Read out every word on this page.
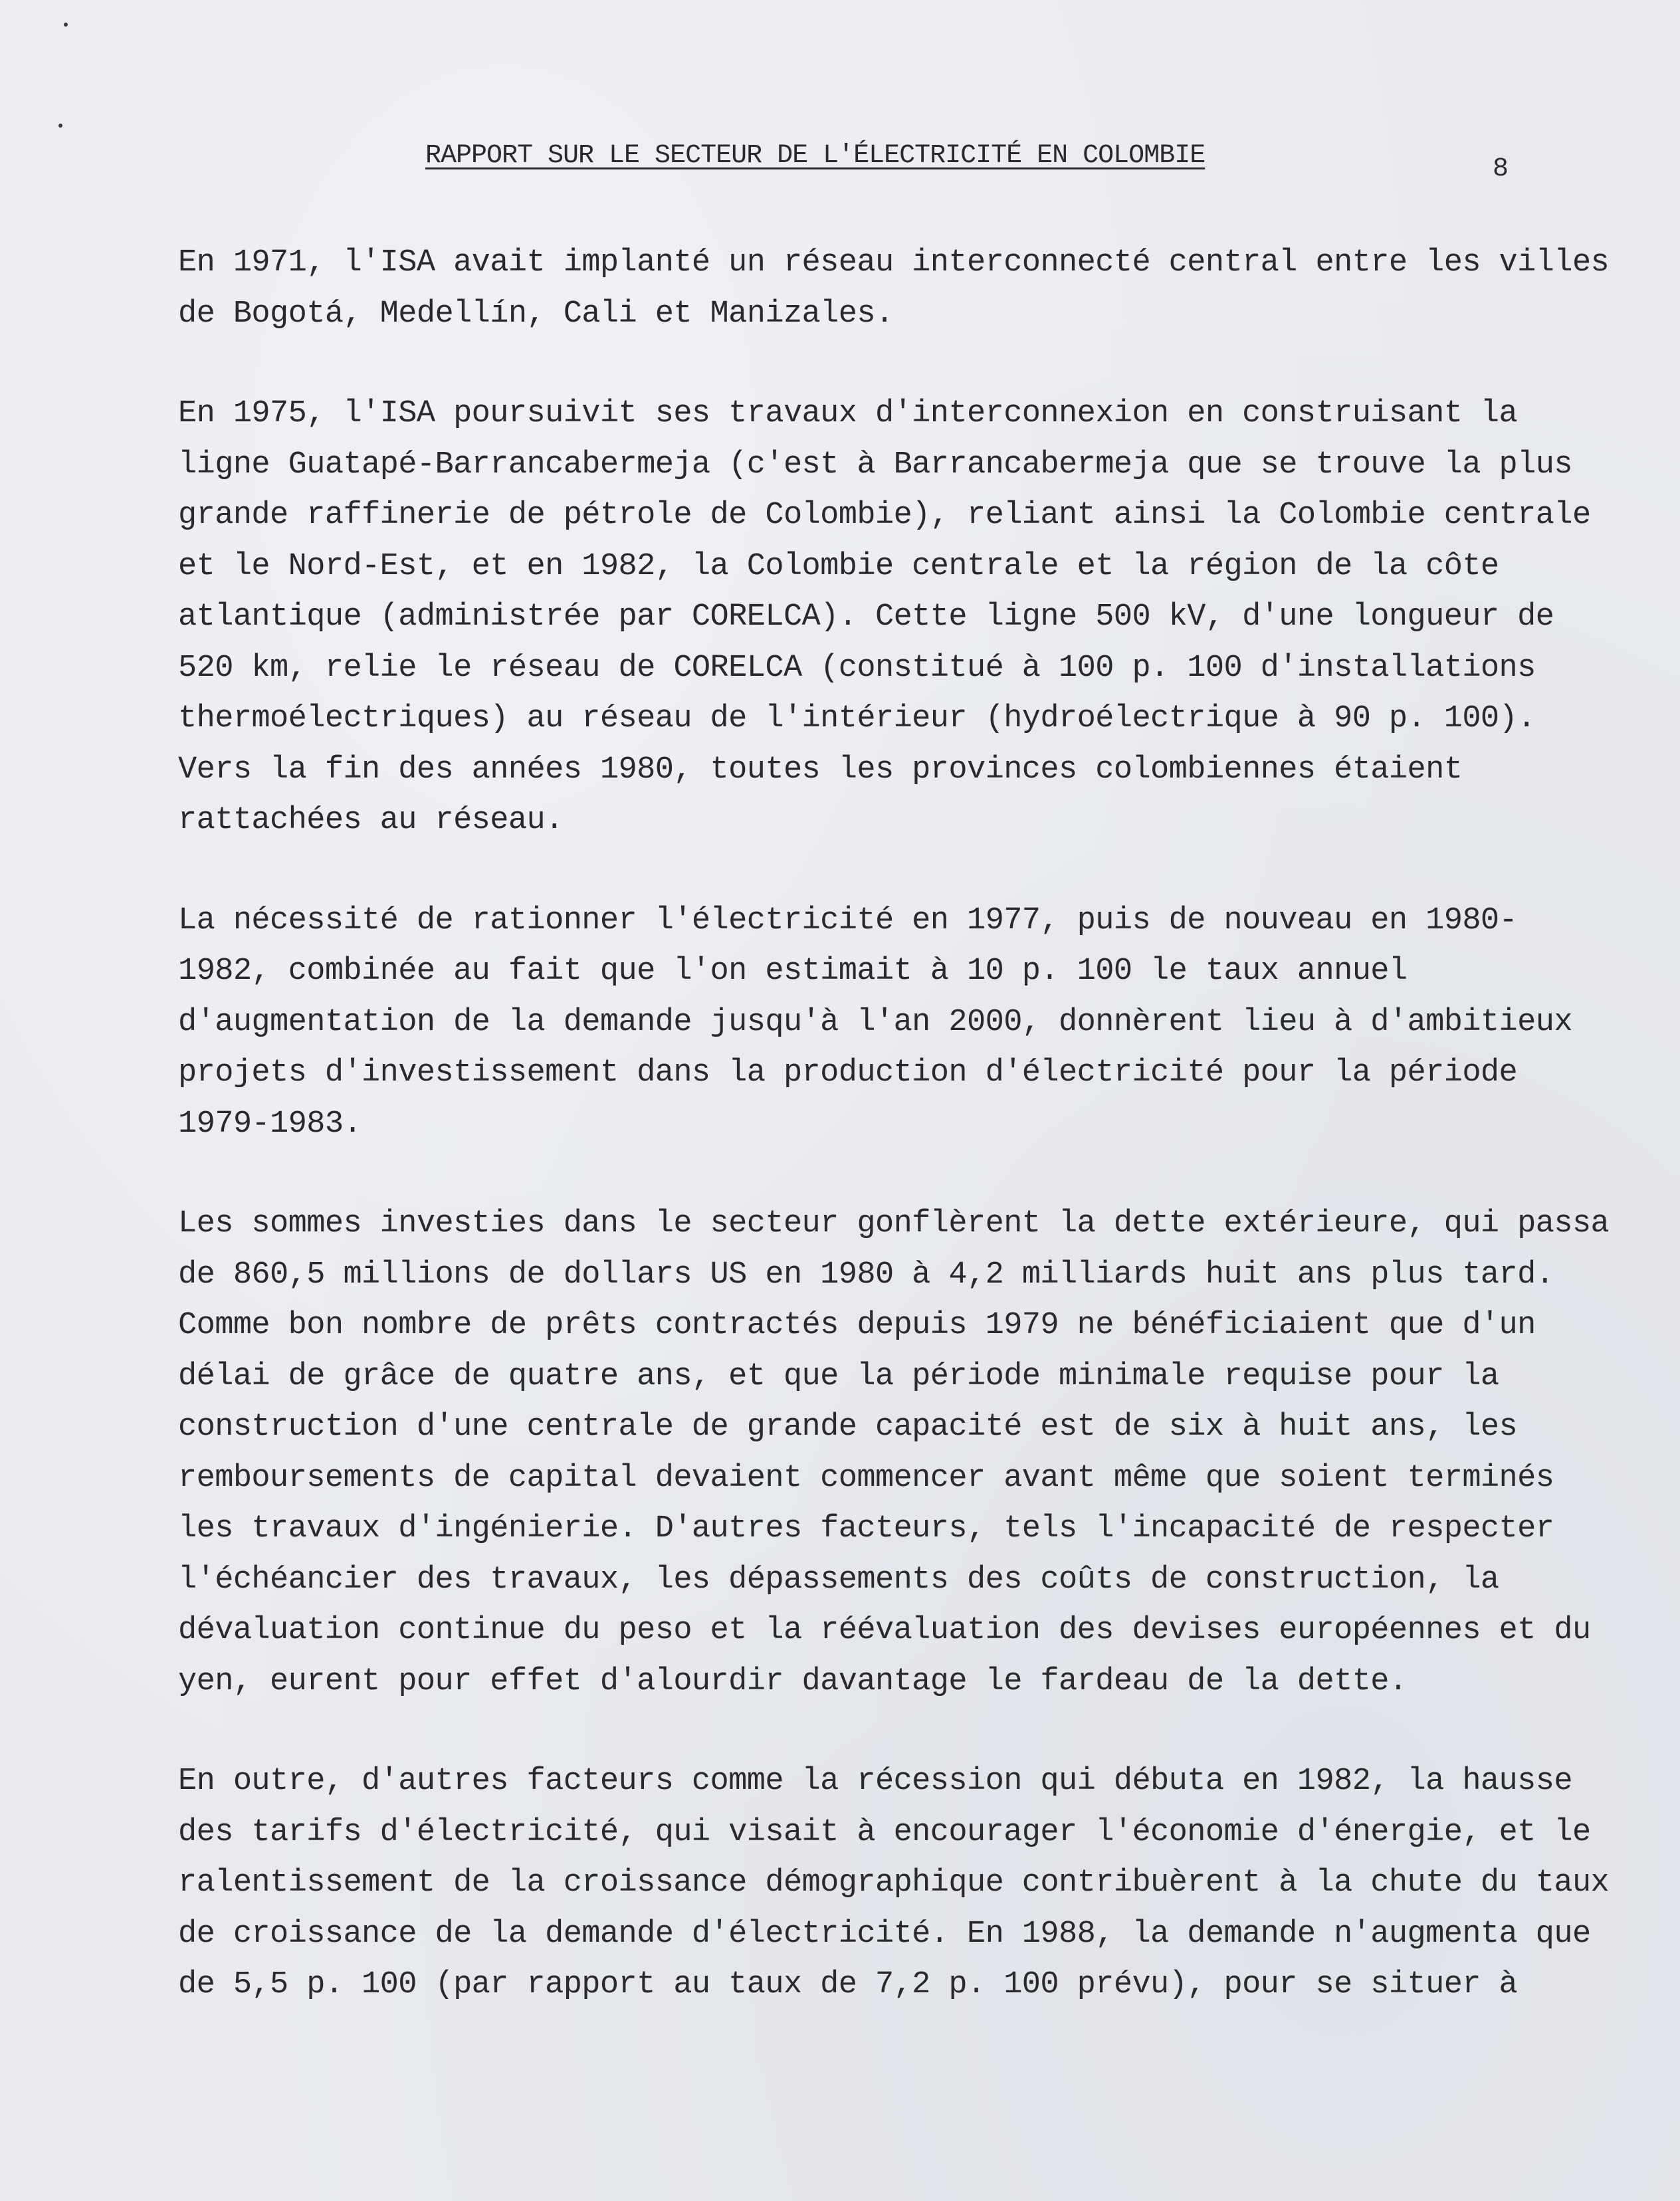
RAPPORT SUR LE SECTEUR DE L'ÉLECTRICITÉ EN COLOMBIE	8
En 1971, l'ISA avait implanté un réseau interconnecté central entre les villes
de Bogotá, Medellín, Cali et Manizales.
En 1975, l'ISA poursuivit ses travaux d'interconnexion en construisant la
ligne Guatapé-Barrancabermeja (c'est à Barrancabermeja que se trouve la plus
grande raffinerie de pétrole de Colombie), reliant ainsi la Colombie centrale
et le Nord-Est, et en 1982, la Colombie centrale et la région de la côte
atlantique (administrée par CORELCA). Cette ligne 500 kV, d'une longueur de
520 km, relie le réseau de CORELCA (constitué à 100 p. 100 d'installations
thermoélectriques) au réseau de l'intérieur (hydroélectrique à 90 p. 100).
Vers la fin des années 1980, toutes les provinces colombiennes étaient
rattachées au réseau.
La nécessité de rationner l'électricité en 1977, puis de nouveau en 1980-
1982, combinée au fait que l'on estimait à 10 p. 100 le taux annuel
d'augmentation de la demande jusqu'à l'an 2000, donnèrent lieu à d'ambitieux
projets d'investissement dans la production d'électricité pour la période
1979-1983.
Les sommes investies dans le secteur gonflèrent la dette extérieure, qui passa
de 860,5 millions de dollars US en 1980 à 4,2 milliards huit ans plus tard.
Comme bon nombre de prêts contractés depuis 1979 ne bénéficiaient que d'un
délai de grâce de quatre ans, et que la période minimale requise pour la
construction d'une centrale de grande capacité est de six à huit ans, les
remboursements de capital devaient commencer avant même que soient terminés
les travaux d'ingénierie. D'autres facteurs, tels l'incapacité de respecter
l'échéancier des travaux, les dépassements des coûts de construction, la
dévaluation continue du peso et la réévaluation des devises européennes et du
yen, eurent pour effet d'alourdir davantage le fardeau de la dette.
En outre, d'autres facteurs comme la récession qui débuta en 1982, la hausse
des tarifs d'électricité, qui visait à encourager l'économie d'énergie, et le
ralentissement de la croissance démographique contribuèrent à la chute du taux
de croissance de la demande d'électricité. En 1988, la demande n'augmenta que
de 5,5 p. 100 (par rapport au taux de 7,2 p. 100 prévu), pour se situer à
